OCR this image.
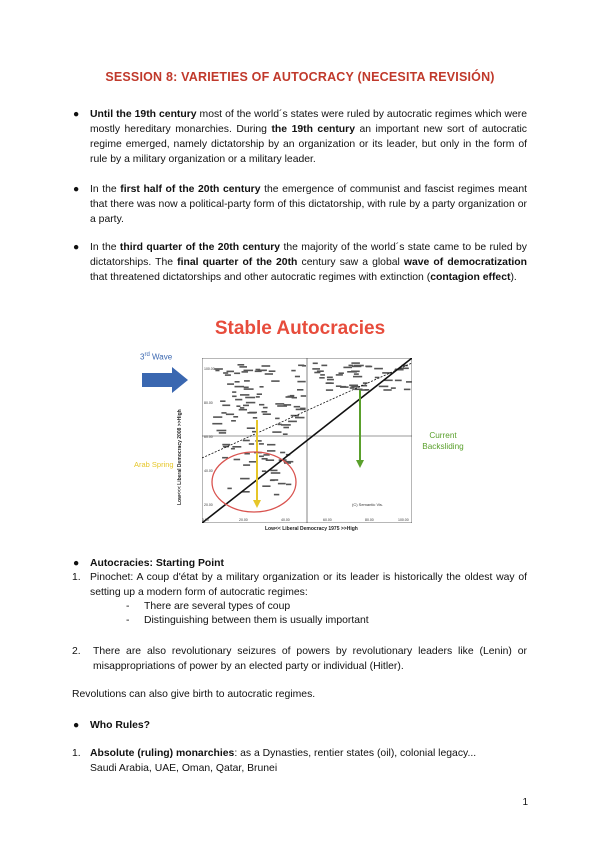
SESSION 8: VARIETIES OF AUTOCRACY (NECESITA REVISIÓN)
● Until the 19th century most of the world´s states were ruled by autocratic regimes which were mostly hereditary monarchies. During the 19th century an important new sort of autocratic regime emerged, namely dictatorship by an organization or its leader, but only in the form of rule by a military organization or a military leader.
● In the first half of the 20th century the emergence of communist and fascist regimes meant that there was now a political-party form of this dictatorship, with rule by a party organization or a party.
● In the third quarter of the 20th century the majority of the world´s state came to be ruled by dictatorships. The final quarter of the 20th century saw a global wave of democratization that threatened dictatorships and other autocratic regimes with extinction (contagion effect).
Stable Autocracies
3rd Wave
Current Backsliding
Arab Spring Low<<< Liberal Democracy 2008 >>High	(C) Semantic Vis.
0.00	20.00	40.00	60.00	80.00	100.00
100.00
80.00
60.00
40.00
20.00
Low<< Liberal Democracy 1975 >>High
● Autocracies: Starting Point
1. Pinochet: A coup d'état by a military organization or its leader is historically the oldest way of setting up a modern form of autocratic regimes:
- There are several types of coup
- Distinguishing between them is usually important
2. There are also revolutionary seizures of powers by revolutionary leaders like (Lenin) or misappropriations of power by an elected party or individual (Hitler).
Revolutions can also give birth to autocratic regimes.
● Who Rules?
1. Absolute (ruling) monarchies: as a Dynasties, rentier states (oil), colonial legacy...
Saudi Arabia, UAE, Oman, Qatar, Brunei
1
